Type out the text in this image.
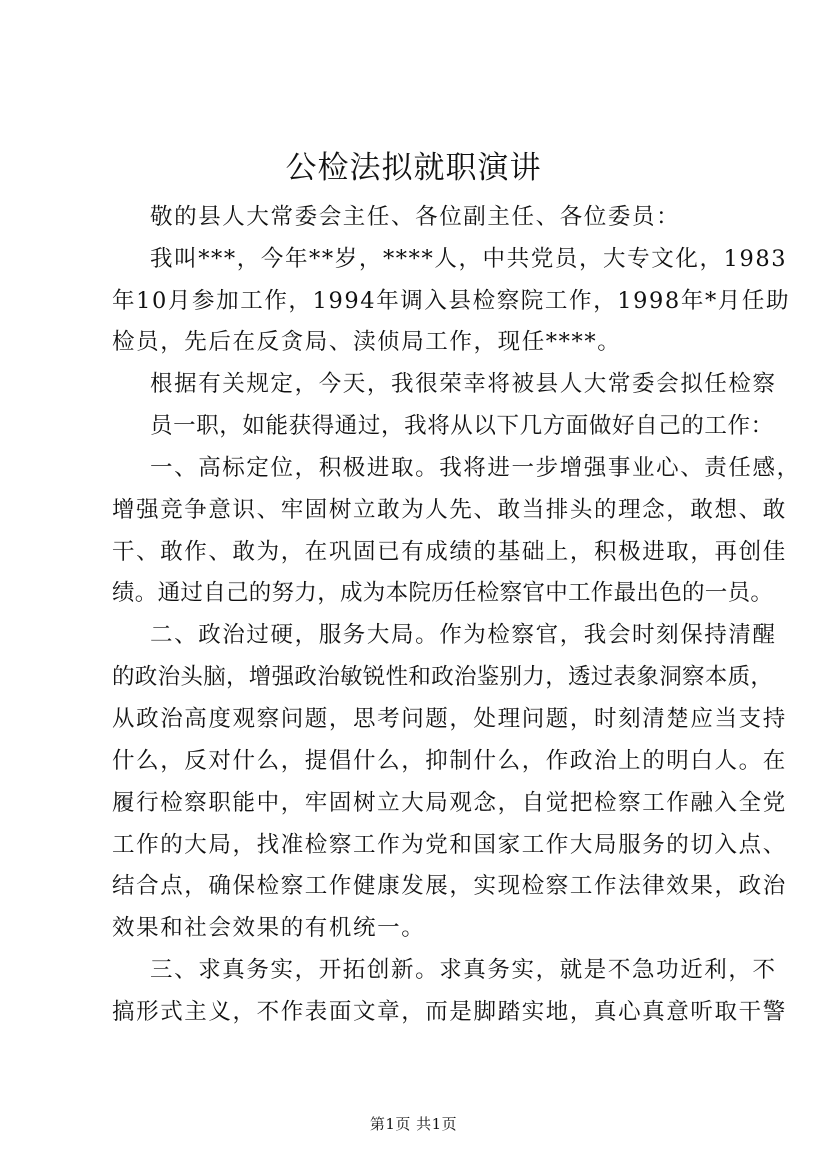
公检法拟就职演讲
敬的县人大常委会主任、各位副主任、各位委员：
我叫***，今年**岁，****人，中共党员，大专文化，1983
年10月参加工作，1994年调入县检察院工作，1998年*月任助
检员，先后在反贪局、渎侦局工作，现任****。
根据有关规定，今天，我很荣幸将被县人大常委会拟任检察
员一职，如能获得通过，我将从以下几方面做好自己的工作：
一、高标定位，积极进取。我将进一步增强事业心、责任感，
增强竞争意识、牢固树立敢为人先、敢当排头的理念，敢想、敢
干、敢作、敢为，在巩固已有成绩的基础上，积极进取，再创佳
绩。通过自己的努力，成为本院历任检察官中工作最出色的一员。
二、政治过硬，服务大局。作为检察官，我会时刻保持清醒
的政治头脑，增强政治敏锐性和政治鉴别力，透过表象洞察本质，
从政治高度观察问题，思考问题，处理问题，时刻清楚应当支持
什么，反对什么，提倡什么，抑制什么，作政治上的明白人。在
履行检察职能中，牢固树立大局观念，自觉把检察工作融入全党
工作的大局，找准检察工作为党和国家工作大局服务的切入点、
结合点，确保检察工作健康发展，实现检察工作法律效果，政治
效果和社会效果的有机统一。
三、求真务实，开拓创新。求真务实，就是不急功近利，不
搞形式主义，不作表面文章，而是脚踏实地，真心真意听取干警
第1页 共1页
